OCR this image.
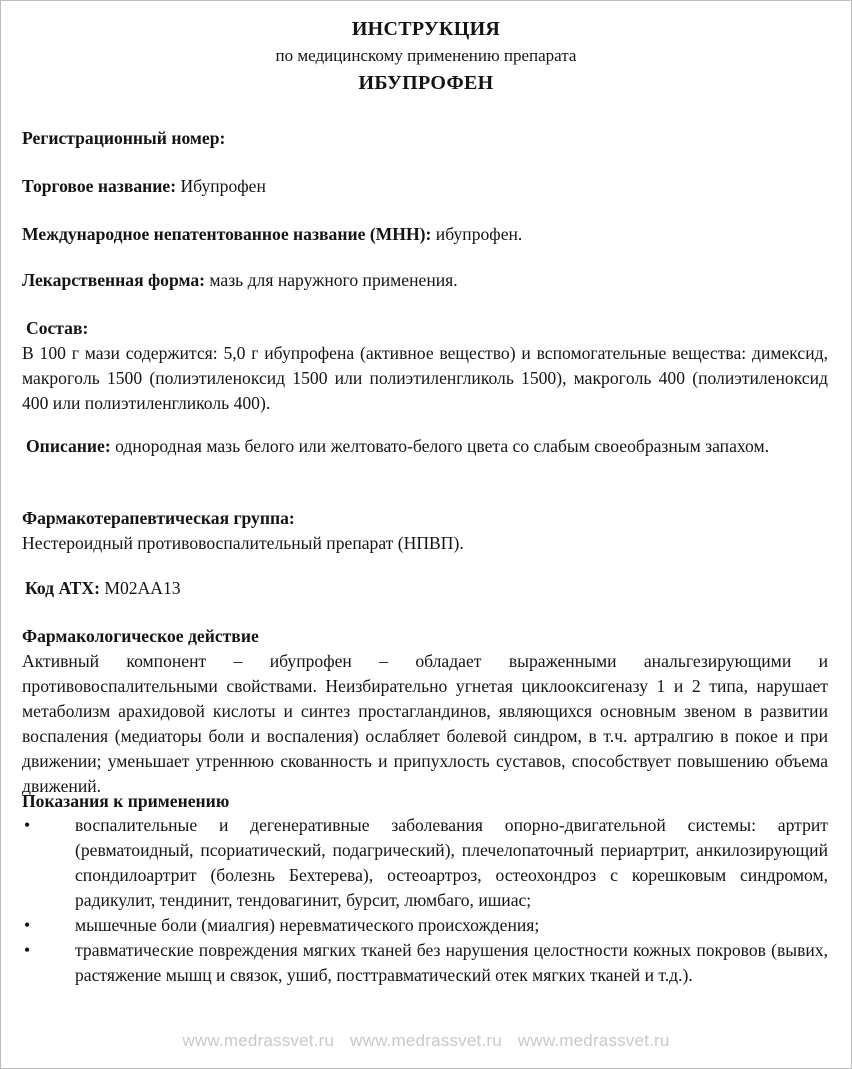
ИНСТРУКЦИЯ
по медицинскому применению препарата
ИБУПРОФЕН
Регистрационный номер:
Торговое название: Ибупрофен
Международное непатентованное название (МНН): ибупрофен.
Лекарственная форма: мазь для наружного применения.
Состав:
В 100 г мази содержится: 5,0 г ибупрофена (активное вещество) и вспомогательные вещества: димексид, макрогoль 1500 (полиэтиленоксид 1500 или полиэтиленгликоль 1500), макрогoль 400 (полиэтиленоксид 400 или полиэтиленгликоль 400).
Описание: однородная мазь белого или желтовато-белого цвета со слабым своеобразным запахом.
Фармакотерапевтическая группа:
Нестероидный противовоспалительный препарат (НПВП).
Код АТХ: M02AA13
Фармакологическое действие
Активный компонент – ибупрофен – обладает выраженными анальгезирующими и противовоспалительными свойствами. Неизбирательно угнетая циклооксигеназу 1 и 2 типа, нарушает метаболизм арахидовой кислоты и синтез простагландинов, являющихся основным звеном в развитии воспаления (медиаторы боли и воспаления) ослабляет болевой синдром, в т.ч. артралгию в покое и при движении; уменьшает утреннюю скованность и припухлость суставов, способствует повышению объема движений.
Показания к применению
•	воспалительные и дегенеративные заболевания опорно-двигательной системы: артрит (ревматоидный, псориатический, подагрический), плечелопаточный периартрит, анкилозирующий спондилоартрит (болезнь Бехтерева), остеоартроз, остеохондроз с корешковым синдромом, радикулит, тендинит, тендовагинит, бурсит, люмбаго, ишиас;
•	мышечные боли (миалгия) неревматического происхождения;
•	травматические повреждения мягких тканей без нарушения целостности кожных покровов (вывих, растяжение мышц и связок, ушиб, посттравматический отек мягких тканей и т.д.).
www.medrassvet.ru www.medrassvet.ru www.medrassvet.ru
